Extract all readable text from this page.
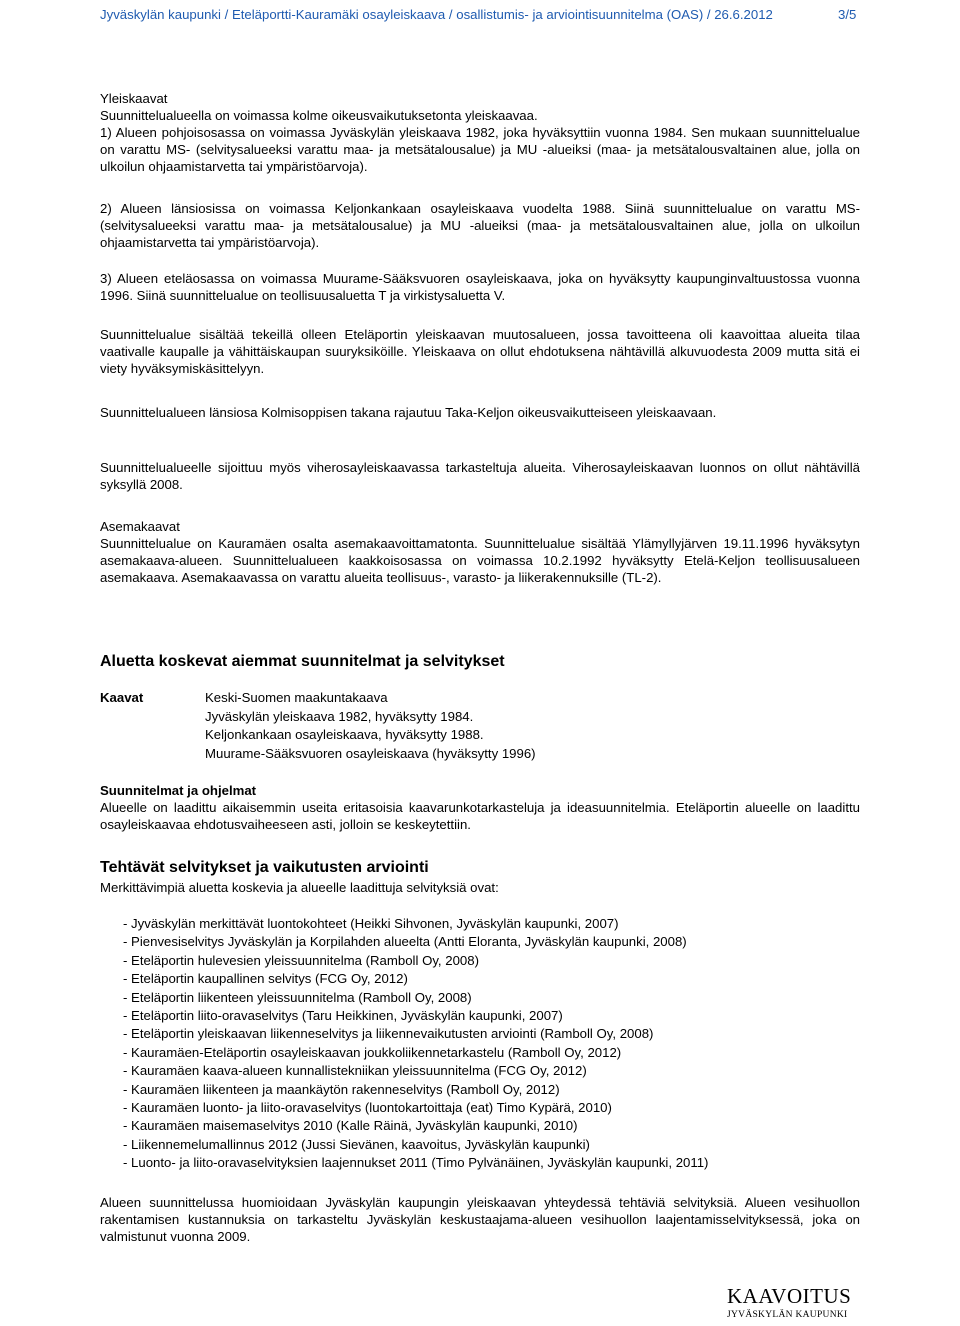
Jyväskylän kaupunki / Eteläportti-Kauramäki osayleiskaava / osallistumis- ja arviointisuunnitelma (OAS) / 26.6.2012	3/5

Yleiskaavat

Suunnittelualueella on voimassa kolme oikeusvaikutuksetonta yleiskaavaa.

1) Alueen pohjoisosassa on voimassa Jyväskylän yleiskaava 1982, joka hyväksyttiin vuonna 1984. Sen mukaan suunnittelualue on varattu MS- (selvitysalueeksi varattu maa- ja metsätalousalue) ja MU -alueiksi (maa- ja metsätalousvaltainen alue, jolla on ulkoilun ohjaamistarvetta tai ympäristöarvoja).

2) Alueen länsiosissa on voimassa Keljonkankaan osayleiskaava vuodelta 1988. Siinä suunnittelualue on varattu MS- (selvitysalueeksi varattu maa- ja metsätalousalue) ja MU -alueiksi (maa- ja metsätalousvaltainen alue, jolla on ulkoilun ohjaamistarvetta tai ympäristöarvoja).

3) Alueen eteläosassa on voimassa Muurame-Sääksvuoren osayleiskaava, joka on hyväksytty kaupunginvaltuustossa vuonna 1996. Siinä suunnittelualue on teollisuusaluetta T ja virkistysaluetta V.

Suunnittelualue sisältää tekeillä olleen Eteläportin yleiskaavan muutosalueen, jossa tavoitteena oli kaavoittaa alueita tilaa vaativalle kaupalle ja vähittäiskaupan suuryksiköille. Yleiskaava on ollut ehdotuksena nähtävillä alkuvuodesta 2009 mutta sitä ei viety hyväksymiskäsittelyyn.

Suunnittelualueen länsiosa Kolmisoppisen takana rajautuu Taka-Keljon oikeusvaikutteiseen yleiskaavaan.

Suunnittelualueelle sijoittuu myös viherosayleiskaavassa tarkasteltuja alueita. Viherosayleiskaavan luonnos on ollut nähtävillä syksyllä 2008.

Asemakaavat

Suunnittelualue on Kauramäen osalta asemakaavoittamatonta. Suunnittelualue sisältää Ylämyllyjärven 19.11.1996 hyväksytyn asemakaava-alueen. Suunnittelualueen kaakkoisosassa on voimassa 10.2.1992 hyväksytty Etelä-Keljon teollisuusalueen asemakaava. Asemakaavassa on varattu alueita teollisuus-, varasto- ja liikerakennuksille (TL-2).

Aluetta koskevat aiemmat suunnitelmat ja selvitykset
Kaavat	Keski-Suomen maakuntakaava
Jyväskylän yleiskaava 1982, hyväksytty 1984.
Keljonkankaan osayleiskaava, hyväksytty 1988.
Muurame-Sääksvuoren osayleiskaava (hyväksytty 1996)

Suunnitelmat ja ohjelmat

Alueelle on laadittu aikaisemmin useita eritasoisia kaavarunkotarkasteluja ja ideasuunnitelmia. Eteläportin alueelle on laadittu osayleiskaavaa ehdotusvaiheeseen asti, jolloin se keskeytettiin.

Tehtävät selvitykset ja vaikutusten arviointi
Merkittävimpiä aluetta koskevia ja alueelle laadittuja selvityksiä ovat:
- Jyväskylän merkittävät luontokohteet (Heikki Sihvonen, Jyväskylän kaupunki, 2007)
- Pienvesiselvitys Jyväskylän ja Korpilahden alueelta (Antti Eloranta, Jyväskylän kaupunki, 2008)
- Eteläportin hulevesien yleissuunnitelma (Ramboll Oy, 2008)
- Eteläportin kaupallinen selvitys (FCG Oy, 2012)
- Eteläportin liikenteen yleissuunnitelma (Ramboll Oy, 2008)
- Eteläportin liito-oravaselvitys (Taru Heikkinen, Jyväskylän kaupunki, 2007)
- Eteläportin yleiskaavan liikenneselvitys ja liikennevaikutusten arviointi (Ramboll Oy, 2008)
- Kauramäen-Eteläportin osayleiskaavan joukkoliikennetarkastelu (Ramboll Oy, 2012)
- Kauramäen kaava-alueen kunnallistekniikan yleissuunnitelma (FCG Oy, 2012)
- Kauramäen liikenteen ja maankäytön rakenneselvitys (Ramboll Oy, 2012)
- Kauramäen luonto- ja liito-oravaselvitys (luontokartoittaja (eat) Timo Kypärä, 2010)
- Kauramäen maisemaselvitys 2010 (Kalle Räinä, Jyväskylän kaupunki, 2010)
- Liikennemelumallinnus 2012 (Jussi Sievänen, kaavoitus, Jyväskylän kaupunki)
- Luonto- ja liito-oravaselvityksien laajennukset 2011 (Timo Pylvänäinen, Jyväskylän kaupunki, 2011)

Alueen suunnittelussa huomioidaan Jyväskylän kaupungin yleiskaavan yhteydessä tehtäviä selvityksiä. Alueen vesihuollon rakentamisen kustannuksia on tarkasteltu Jyväskylän keskustaajama-alueen vesihuollon laajentamisselvityksessä, joka on valmistunut vuonna 2009.

KAAVOITUS
JYVÄSKYLÄN KAUPUNKI
